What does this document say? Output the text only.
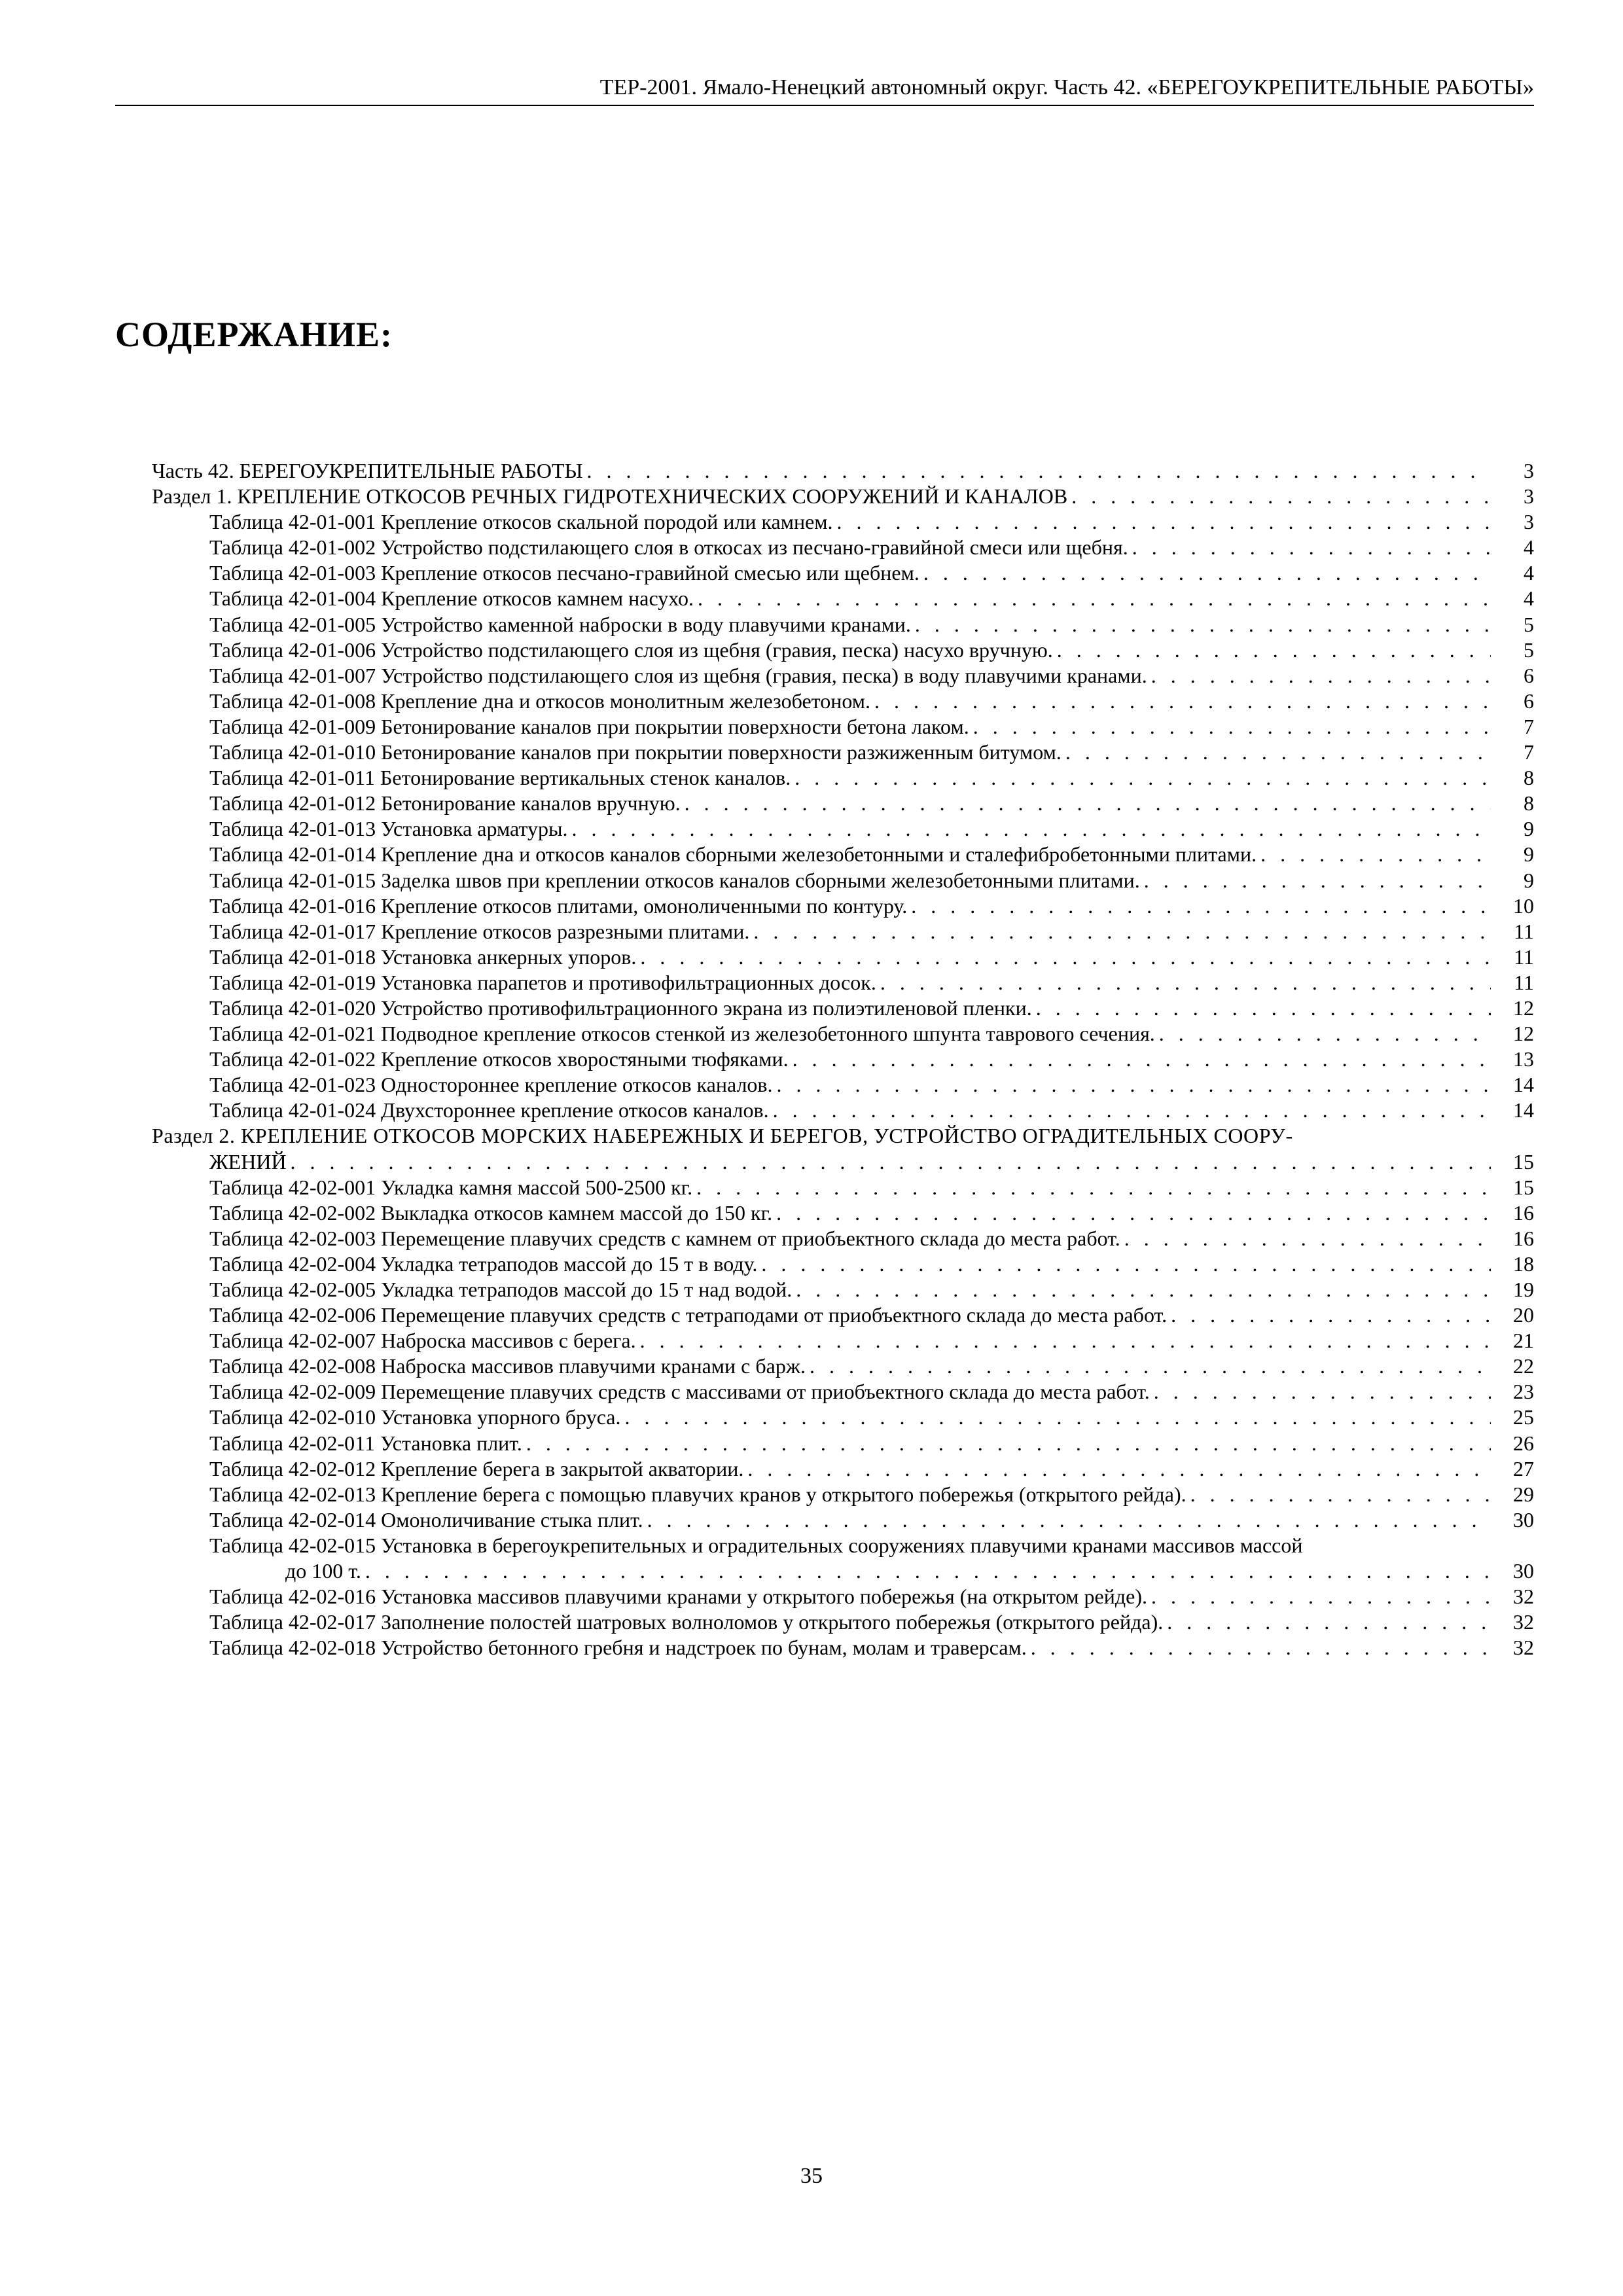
ТЕР-2001. Ямало-Ненецкий автономный округ. Часть 42. «БЕРЕГОУКРЕПИТЕЛЬНЫЕ РАБОТЫ»
СОДЕРЖАНИЕ:
Часть 42. БЕРЕГОУКРЕПИТЕЛЬНЫЕ РАБОТЫ . . .	3
Раздел 1. КРЕПЛЕНИЕ ОТКОСОВ РЕЧНЫХ ГИДРОТЕХНИЧЕСКИХ СООРУЖЕНИЙ И КАНАЛОВ . . .	3
Таблица 42-01-001 Крепление откосов скальной породой или камнем. . . .	3
Таблица 42-01-002 Устройство подстилающего слоя в откосах из песчано-гравийной смеси или щебня. . . .	4
Таблица 42-01-003 Крепление откосов песчано-гравийной смесью или щебнем. . . .	4
Таблица 42-01-004 Крепление откосов камнем насухо. . . .	4
Таблица 42-01-005 Устройство каменной наброски в воду плавучими кранами. . . .	5
Таблица 42-01-006 Устройство подстилающего слоя из щебня (гравия, песка) насухо вручную. . . .	5
Таблица 42-01-007 Устройство подстилающего слоя из щебня (гравия, песка) в воду плавучими кранами. . . .	6
Таблица 42-01-008 Крепление дна и откосов монолитным железобетоном. . . .	6
Таблица 42-01-009 Бетонирование каналов при покрытии поверхности бетона лаком. . . .	7
Таблица 42-01-010 Бетонирование каналов при покрытии поверхности разжиженным битумом. . . .	7
Таблица 42-01-011 Бетонирование вертикальных стенок каналов. . . .	8
Таблица 42-01-012 Бетонирование каналов вручную. . . .	8
Таблица 42-01-013 Установка арматуры. . . .	9
Таблица 42-01-014 Крепление дна и откосов каналов сборными железобетонными и сталефибробетонными плитами. . . .	9
Таблица 42-01-015 Заделка швов при креплении откосов каналов сборными железобетонными плитами. . . .	9
Таблица 42-01-016 Крепление откосов плитами, омоноличенными по контуру. . . .	10
Таблица 42-01-017 Крепление откосов разрезными плитами. . . .	11
Таблица 42-01-018 Установка анкерных упоров. . . .	11
Таблица 42-01-019 Установка парапетов и противофильтрационных досок. . . .	11
Таблица 42-01-020 Устройство противофильтрационного экрана из полиэтиленовой пленки. . . .	12
Таблица 42-01-021 Подводное крепление откосов стенкой из железобетонного шпунта таврового сечения. . . .	12
Таблица 42-01-022 Крепление откосов хворостяными тюфяками. . . .	13
Таблица 42-01-023 Одностороннее крепление откосов каналов. . . .	14
Таблица 42-01-024 Двухстороннее крепление откосов каналов. . . .	14
Раздел 2. КРЕПЛЕНИЕ ОТКОСОВ МОРСКИХ НАБЕРЕЖНЫХ И БЕРЕГОВ, УСТРОЙСТВО ОГРАДИТЕЛЬНЫХ СООРУ-
ЖЕНИЙ . . .	15
Таблица 42-02-001 Укладка камня массой 500-2500 кг. . . .	15
Таблица 42-02-002 Выкладка откосов камнем массой до 150 кг. . . .	16
Таблица 42-02-003 Перемещение плавучих средств с камнем от приобъектного склада до места работ. . . .	16
Таблица 42-02-004 Укладка тетраподов массой до 15 т в воду. . . .	18
Таблица 42-02-005 Укладка тетраподов массой до 15 т над водой. . . .	19
Таблица 42-02-006 Перемещение плавучих средств с тетраподами от приобъектного склада до места работ. . . .	20
Таблица 42-02-007 Наброска массивов с берега. . . .	21
Таблица 42-02-008 Наброска массивов плавучими кранами с барж. . . .	22
Таблица 42-02-009 Перемещение плавучих средств с массивами от приобъектного склада до места работ. . . .	23
Таблица 42-02-010 Установка упорного бруса. . . .	25
Таблица 42-02-011 Установка плит. . . .	26
Таблица 42-02-012 Крепление берега в закрытой акватории. . . .	27
Таблица 42-02-013 Крепление берега с помощью плавучих кранов у открытого побережья (открытого рейда). . . .	29
Таблица 42-02-014 Омоноличивание стыка плит. . . .	30
Таблица 42-02-015 Установка в берегоукрепительных и оградительных сооружениях плавучими кранами массивов массой
до 100 т. . . .	30
Таблица 42-02-016 Установка массивов плавучими кранами у открытого побережья (на открытом рейде). . . .	32
Таблица 42-02-017 Заполнение полостей шатровых волноломов у открытого побережья (открытого рейда). . . .	32
Таблица 42-02-018 Устройство бетонного гребня и надстроек по бунам, молам и траверсам. . . .	32
35
